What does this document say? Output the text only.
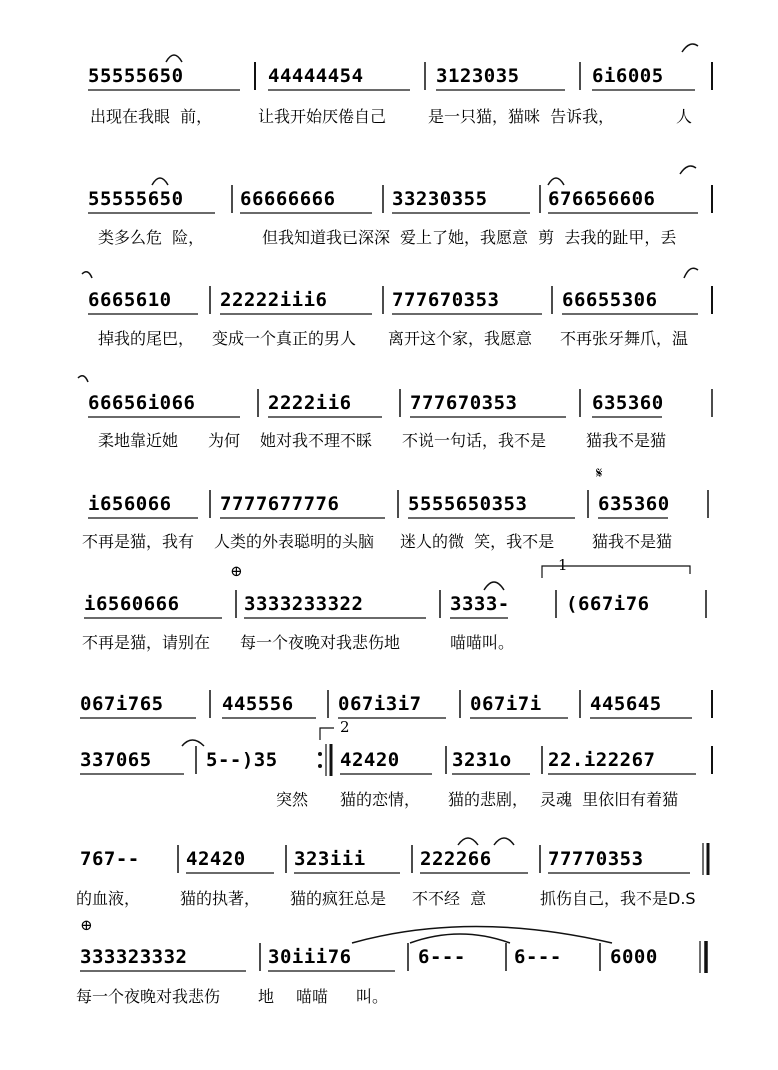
55555650	44444454	3123035	6i6005
出现在我眼  前，	让我开始厌倦自己	是一只猫，猫咪  告诉我，	人
55555650	66666666	33230355	676656606
类多么危  险，	但我知道我已深深 爱上了她，我愿意  剪  去我的趾甲，丢
6665610	22222iii6	777670353	66655306
掉我的尾巴， 变成一个真正的男人 离开这个家，我愿意 不再张牙舞爪，温
66656i066	2222ii6	777670353	635360
柔地靠近她 为何 她对我不理不睬 不说一句话，我不是 猫我不是猫
𝄋
i656066	7777677776	5555650353	635360
不再是猫，我有 人类的外表聪明的头脑 迷人的微  笑，我不是 猫我不是猫
⊕	1
i6560666	3333233322	3333-	(667i76
不再是猫，请别在 每一个夜晚对我悲伤地	喵喵叫。
067i765	445556 067i3i7	067i7i	445645
2
337065	5--)35	42420	3231o 22.i22267
突然 猫的恋情， 猫的悲剧， 灵魂  里依旧有着猫
767-- 42420	323iii	222266	77770353
的血液， 猫的执著， 猫的疯狂总是 不不经  意	抓伤自己，我不是D.S
⊕
333323332	30iii76	6---	6---	6000
每一个夜晚对我悲伤 地 喵喵 叫。
